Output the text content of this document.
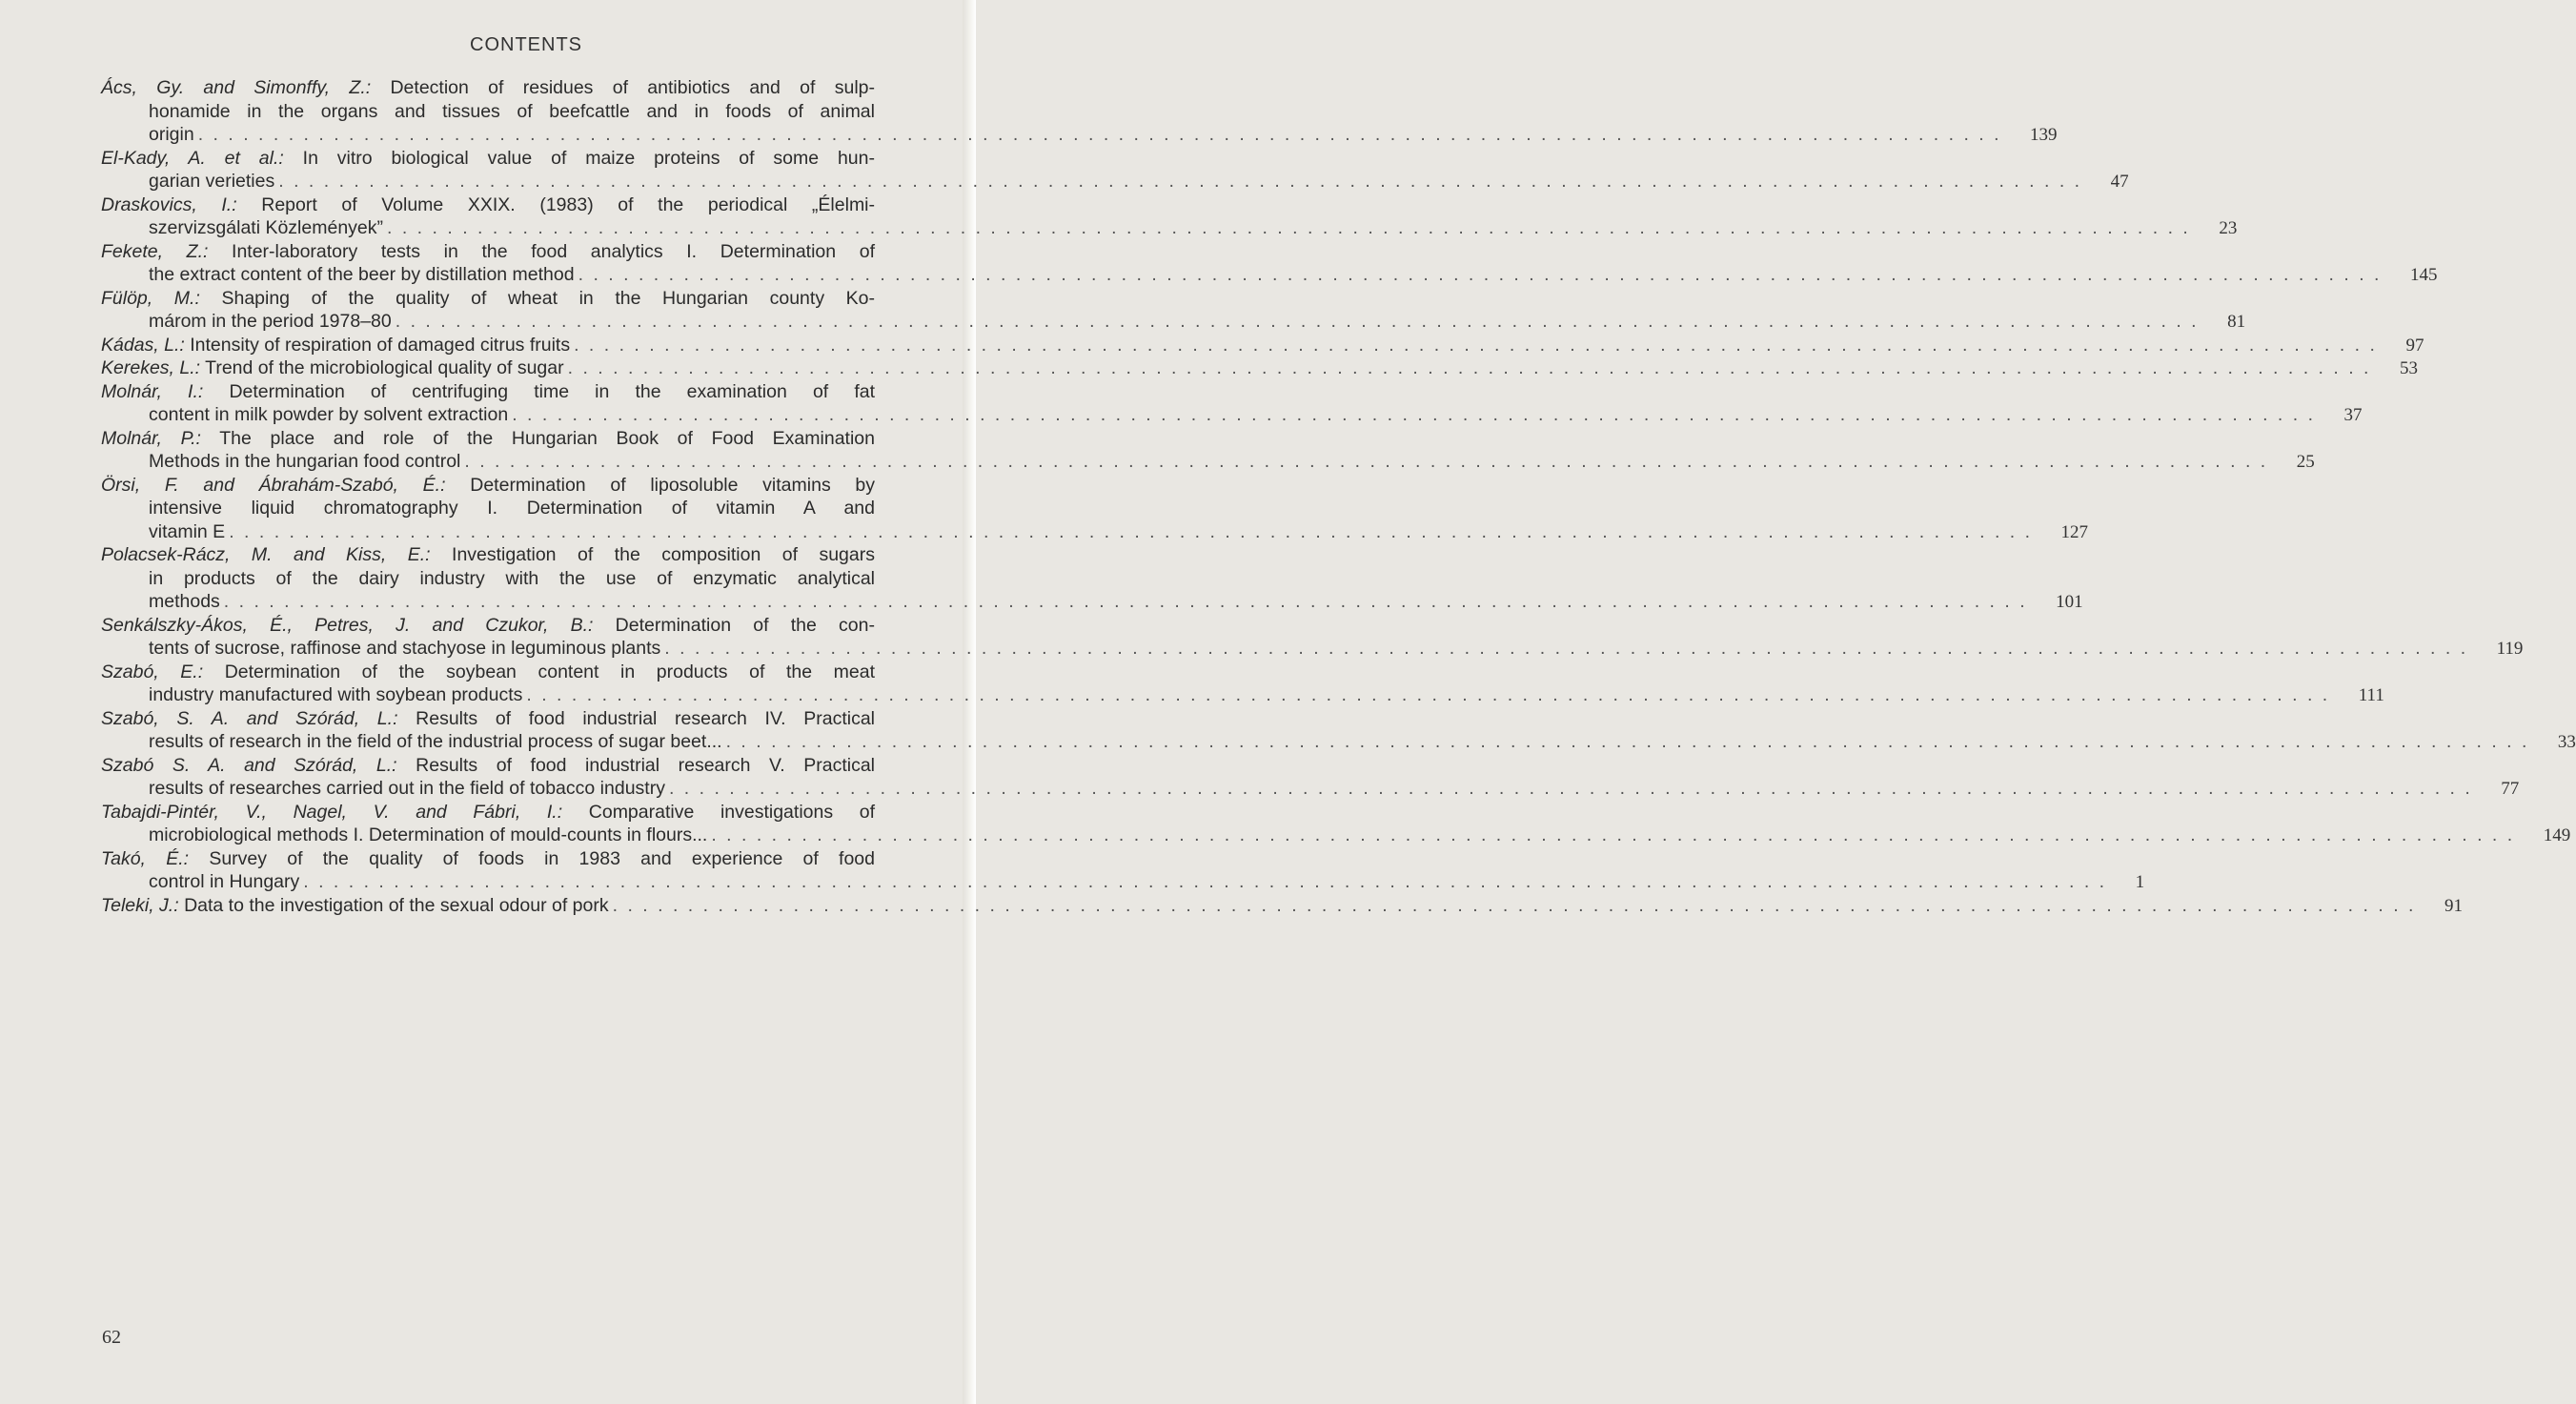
CONTENTS
Ács, Gy. and Simonffy, Z.: Detection of residues of antibiotics and of sulp-
honamide in the organs and tissues of beefcattle and in foods of animal
origin . . . . . . . . . . . . . . . . . . . . . . . . . . . . . . . . . . . . . . . . . . . . . . . . . . . . . . . . . . . . . . . . . . . . . . . . . . . . . . . . . . . . . . . . . . . . . . . . . . . . . . . . . . . . . . . . . . . . . . . . 139
El-Kady, A. et al.: In vitro biological value of maize proteins of some hun-
garian verieties . . . . . . . . . . . . . . . . . . . . . . . . . . . . . . . . . . . . . . . . . . . . . . . . . . . . . . . . . . . . . . . . . . . . . . . . . . . . . . . . . . . . . . . . . . . . . . . . . . . . . . . . . . . . . . . . . . . . . . . . 47
Draskovics, I.: Report of Volume XXIX. (1983) of the periodical „Élelmi-
szervizsgálati Közlemények” . . . . . . . . . . . . . . . . . . . . . . . . . . . . . . . . . . . . . . . . . . . . . . . . . . . . . . . . . . . . . . . . . . . . . . . . . . . . . . . . . . . . . . . . . . . . . . . . . . . . . . . . . . . . . . . . . . . . . . . . 23
Fekete, Z.: Inter-laboratory tests in the food analytics I. Determination of
the extract content of the beer by distillation method . . . . . . . . . . . . . . . . . . . . . . . . . . . . . . . . . . . . . . . . . . . . . . . . . . . . . . . . . . . . . . . . . . . . . . . . . . . . . . . . . . . . . . . . . . . . . . . . . . . . . . . . . . . . . . . . . . . . . . . . 145
Fülöp, M.: Shaping of the quality of wheat in the Hungarian county Ko-
márom in the period 1978–80 . . . . . . . . . . . . . . . . . . . . . . . . . . . . . . . . . . . . . . . . . . . . . . . . . . . . . . . . . . . . . . . . . . . . . . . . . . . . . . . . . . . . . . . . . . . . . . . . . . . . . . . . . . . . . . . . . . . . . . . . 81
Kádas, L.: Intensity of respiration of damaged citrus fruits . . . . . . . . . . . . . . . . . . . . . . . . . . . . . . . . . . . . . . . . . . . . . . . . . . . . . . . . . . . . . . . . . . . . . . . . . . . . . . . . . . . . . . . . . . . . . . . . . . . . . . . . . . . . . . . . . . . . . . . . 97
Kerekes, L.: Trend of the microbiological quality of sugar . . . . . . . . . . . . . . . . . . . . . . . . . . . . . . . . . . . . . . . . . . . . . . . . . . . . . . . . . . . . . . . . . . . . . . . . . . . . . . . . . . . . . . . . . . . . . . . . . . . . . . . . . . . . . . . . . . . . . . . . 53
Molnár, I.: Determination of centrifuging time in the examination of fat
content in milk powder by solvent extraction . . . . . . . . . . . . . . . . . . . . . . . . . . . . . . . . . . . . . . . . . . . . . . . . . . . . . . . . . . . . . . . . . . . . . . . . . . . . . . . . . . . . . . . . . . . . . . . . . . . . . . . . . . . . . . . . . . . . . . . . 37
Molnár, P.: The place and role of the Hungarian Book of Food Examination
Methods in the hungarian food control . . . . . . . . . . . . . . . . . . . . . . . . . . . . . . . . . . . . . . . . . . . . . . . . . . . . . . . . . . . . . . . . . . . . . . . . . . . . . . . . . . . . . . . . . . . . . . . . . . . . . . . . . . . . . . . . . . . . . . . . 25
Örsi, F. and Ábrahám-Szabó, É.: Determination of liposoluble vitamins by
intensive liquid chromatography I. Determination of vitamin A and
vitamin E . . . . . . . . . . . . . . . . . . . . . . . . . . . . . . . . . . . . . . . . . . . . . . . . . . . . . . . . . . . . . . . . . . . . . . . . . . . . . . . . . . . . . . . . . . . . . . . . . . . . . . . . . . . . . . . . . . . . . . . . 127
Polacsek-Rácz, M. and Kiss, E.: Investigation of the composition of sugars
in products of the dairy industry with the use of enzymatic analytical
methods . . . . . . . . . . . . . . . . . . . . . . . . . . . . . . . . . . . . . . . . . . . . . . . . . . . . . . . . . . . . . . . . . . . . . . . . . . . . . . . . . . . . . . . . . . . . . . . . . . . . . . . . . . . . . . . . . . . . . . . . 101
Senkálszky-Ákos, É., Petres, J. and Czukor, B.: Determination of the con-
tents of sucrose, raffinose and stachyose in leguminous plants . . . . . . . . . . . . . . . . . . . . . . . . . . . . . . . . . . . . . . . . . . . . . . . . . . . . . . . . . . . . . . . . . . . . . . . . . . . . . . . . . . . . . . . . . . . . . . . . . . . . . . . . . . . . . . . . . . . . . . . . 119
Szabó, E.: Determination of the soybean content in products of the meat
industry manufactured with soybean products . . . . . . . . . . . . . . . . . . . . . . . . . . . . . . . . . . . . . . . . . . . . . . . . . . . . . . . . . . . . . . . . . . . . . . . . . . . . . . . . . . . . . . . . . . . . . . . . . . . . . . . . . . . . . . . . . . . . . . . . 111
Szabó, S. A. and Szórád, L.: Results of food industrial research IV. Practical
results of research in the field of the industrial process of sugar beet... . . . . . . . . . . . . . . . . . . . . . . . . . . . . . . . . . . . . . . . . . . . . . . . . . . . . . . . . . . . . . . . . . . . . . . . . . . . . . . . . . . . . . . . . . . . . . . . . . . . . . . . . . . . . . . . . . . . . . . . . 33
Szabó S. A. and Szórád, L.: Results of food industrial research V. Practical
results of researches carried out in the field of tobacco industry . . . . . . . . . . . . . . . . . . . . . . . . . . . . . . . . . . . . . . . . . . . . . . . . . . . . . . . . . . . . . . . . . . . . . . . . . . . . . . . . . . . . . . . . . . . . . . . . . . . . . . . . . . . . . . . . . . . . . . . . 77
Tabajdi-Pintér, V., Nagel, V. and Fábri, I.: Comparative investigations of
microbiological methods I. Determination of mould-counts in flours... . . . . . . . . . . . . . . . . . . . . . . . . . . . . . . . . . . . . . . . . . . . . . . . . . . . . . . . . . . . . . . . . . . . . . . . . . . . . . . . . . . . . . . . . . . . . . . . . . . . . . . . . . . . . . . . . . . . . . . . . 149
Takó, É.: Survey of the quality of foods in 1983 and experience of food
control in Hungary . . . . . . . . . . . . . . . . . . . . . . . . . . . . . . . . . . . . . . . . . . . . . . . . . . . . . . . . . . . . . . . . . . . . . . . . . . . . . . . . . . . . . . . . . . . . . . . . . . . . . . . . . . . . . . . . . . . . . . . . 1
Teleki, J.: Data to the investigation of the sexual odour of pork . . . . . . . . . . . . . . . . . . . . . . . . . . . . . . . . . . . . . . . . . . . . . . . . . . . . . . . . . . . . . . . . . . . . . . . . . . . . . . . . . . . . . . . . . . . . . . . . . . . . . . . . . . . . . . . . . . . . . . . . 91
62
